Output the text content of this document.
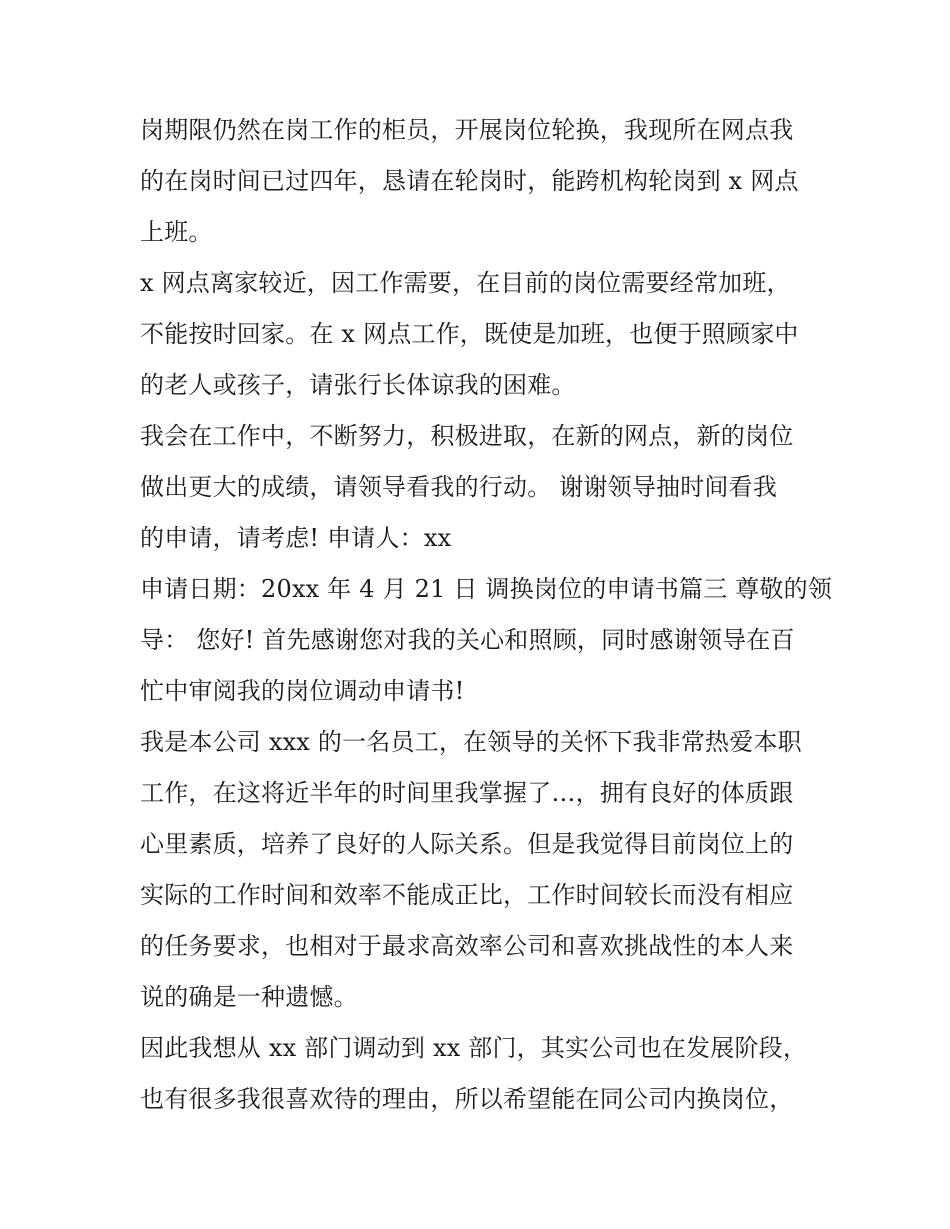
岗期限仍然在岗工作的柜员，开展岗位轮换，我现所在网点我
的在岗时间已过四年，恳请在轮岗时，能跨机构轮岗到 x 网点
上班。
x 网点离家较近，因工作需要，在目前的岗位需要经常加班，
不能按时回家。在 x 网点工作，既使是加班，也便于照顾家中
的老人或孩子，请张行长体谅我的困难。
我会在工作中，不断努力，积极进取，在新的网点，新的岗位
做出更大的成绩，请领导看我的行动。 谢谢领导抽时间看我
的申请，请考虑! 申请人：xx
申请日期：20xx 年 4 月 21 日 调换岗位的申请书篇三 尊敬的领
导： 您好! 首先感谢您对我的关心和照顾，同时感谢领导在百
忙中审阅我的岗位调动申请书!
我是本公司 xxx 的一名员工，在领导的关怀下我非常热爱本职
工作，在这将近半年的时间里我掌握了…，拥有良好的体质跟
心里素质，培养了良好的人际关系。但是我觉得目前岗位上的
实际的工作时间和效率不能成正比，工作时间较长而没有相应
的任务要求，也相对于最求高效率公司和喜欢挑战性的本人来
说的确是一种遗憾。
因此我想从 xx 部门调动到 xx 部门，其实公司也在发展阶段，
也有很多我很喜欢待的理由，所以希望能在同公司内换岗位，
